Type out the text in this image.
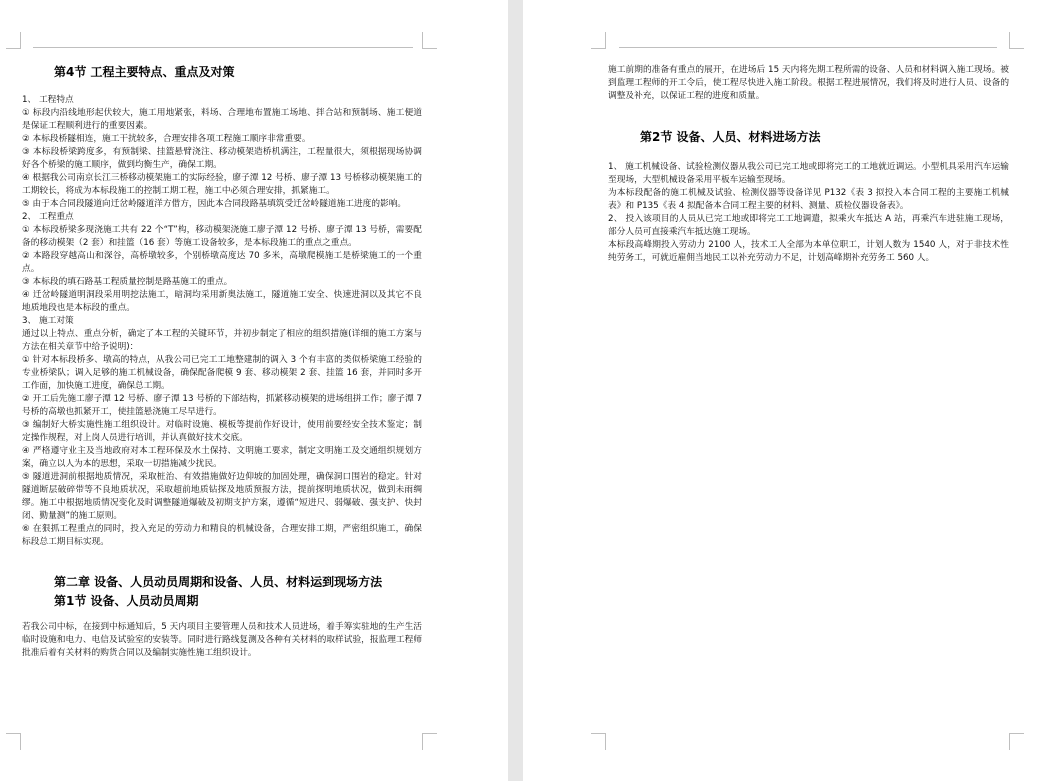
第4节 工程主要特点、重点及对策

1、 工程特点

① 标段内沿线地形起伏较大，施工用地紧张，料场、合理地布置施工场地、拌合站和预制场、施工便道是保证工程顺利进行的重要因素。

② 本标段桥隧相连，施工干扰较多，合理安排各项工程施工顺序非常重要。

③ 本标段桥梁跨度多，有预制梁、挂篮悬臂浇注、移动模架造桥机满注，工程量很大，须根据现场协调好各个桥梁的施工顺序，做到均衡生产，确保工期。

④ 根据我公司南京长江三桥移动模架施工的实际经验，廖子潭 12 号桥、廖子潭 13 号桥移动模架施工的工期较长，将成为本标段施工的控制工期工程，施工中必须合理安排，抓紧施工。

⑤ 由于本合同段隧道向迁岔岭隧道洋方借方，因此本合同段路基填筑受迁岔岭隧道施工进度的影响。

2、 工程重点

① 本标段桥梁多现浇施工共有 22 个“T”构，移动模架浇施工廖子潭 12 号桥、廖子潭 13 号桥，需要配备的移动模架（2 套）和挂篮（16 套）等施工设备较多，是本标段施工的重点之重点。

② 本路段穿越高山和深谷，高桥墩较多，个别桥墩高度达 70 多米，高墩爬模施工是桥梁施工的一个重点。

③ 本标段的填石路基工程质量控制是路基施工的重点。

④ 迁岔岭隧道明洞段采用明挖法施工，暗洞均采用新奥法施工，隧道施工安全、快速进洞以及其它不良地质地段也是本标段的重点。

3、 施工对策

通过以上特点、重点分析，确定了本工程的关键环节，并初步制定了相应的组织措施(详细的施工方案与方法在相关章节中给予说明)：

① 针对本标段桥多、墩高的特点，从我公司已完工工地整建制的调入 3 个有丰富的类似桥梁施工经验的专业桥梁队；调入足够的施工机械设备，确保配备爬模 9 套、移动模架 2 套、挂篮 16 套，并同时多开工作面，加快施工进度，确保总工期。

② 开工后先施工廖子潭 12 号桥、廖子潭 13 号桥的下部结构，抓紧移动模架的进场组拼工作；廖子潭 7 号桥的高墩也抓紧开工，使挂篮悬浇施工尽早进行。

③ 编制好大桥实施性施工组织设计。对临时设施、模板等提前作好设计，使用前要经安全技术鉴定；制定操作规程，对上岗人员进行培训，并认真做好技术交底。

④ 严格遵守业主及当地政府对本工程环保及水土保持、文明施工要求，制定文明施工及交通组织规划方案，确立以人为本的思想，采取一切措施减少扰民。

⑤ 隧道进洞前根据地质情况，采取桩治、有效措施做好边仰坡的加固处理，确保洞口围岩的稳定。针对隧道断层破碎带等不良地质状况，采取超前地质钻探及地质预报方法，提前探明地质状况，做到未雨绸缪。施工中根据地质情况变化及时调整隧道爆破及初期支护方案，遵循“短进尺、弱爆破、强支护、快封闭、勤量测”的施工原则。

⑥ 在狠抓工程重点的同时，投入充足的劳动力和精良的机械设备，合理安排工期，严密组织施工，确保标段总工期目标实现。

第二章 设备、人员动员周期和设备、人员、材料运到现场方法

第1节 设备、人员动员周期

若我公司中标，在接到中标通知后，5 天内项目主要管理人员和技术人员进场，着手筹实驻地的生产生活临时设施和电力、电信及试验室的安装等。同时进行路线复测及各种有关材料的取样试验，报监理工程师批准后着有关材料的购货合同以及编制实施性施工组织设计。

施工前期的准备有重点的展开，在进场后 15 天内将先期工程所需的设备、人员和材料调入施工现场。被到监理工程师的开工令后，使工程尽快进入施工阶段。根据工程进展情况，我们将及时进行人员、设备的调整及补充，以保证工程的进度和质量。

第2节 设备、人员、材料进场方法

1、 施工机械设备、试验检测仪器从我公司已完工地或即将完工的工地就近调运。小型机具采用汽车运输至现场，大型机械设备采用平板车运输至现场。

为本标段配备的施工机械及试验、检测仪器等设备详见 P132《表 3 拟投入本合同工程的主要施工机械表》和 P135《表 4 拟配备本合同工程主要的材料、测量、质检仪器设备表》。

2、 投入该项目的人员从已完工地或即将完工工地调遣，拟乘火车抵达 A 站，再乘汽车进驻施工现场，部分人员可直接乘汽车抵达施工现场。

本标段高峰期投入劳动力 2100 人，技术工人全部为本单位职工，计划人数为 1540 人，对于非技术性纯劳务工，可就近雇佣当地民工以补充劳动力不足，计划高峰期补充劳务工 560 人。
